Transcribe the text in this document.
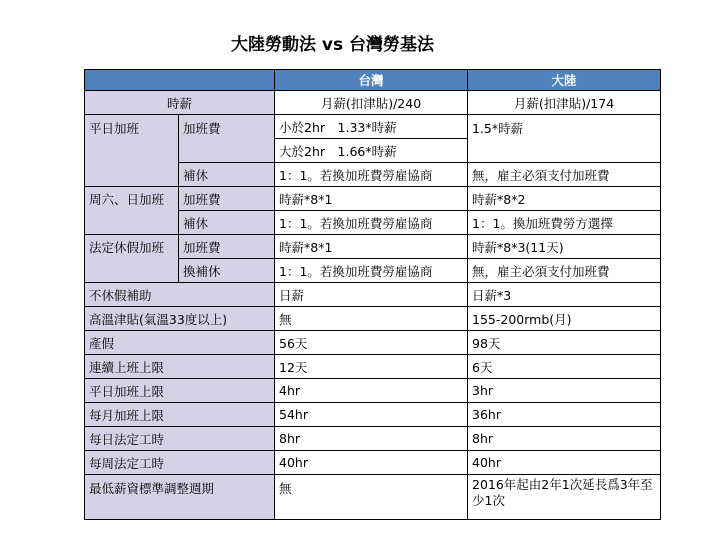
大陸勞動法 vs 台灣勞基法
		台灣	大陸
時薪		月薪(扣津貼)/240	月薪(扣津貼)/174
平日加班	加班費	小於2hr　1.33*時薪	1.5*時薪
		大於2hr　1.66*時薪	
	補休	1：1。若換加班費勞雇協商	無，雇主必須支付加班費
周六、日加班	加班費	時薪*8*1	時薪*8*2
	補休	1：1。若換加班費勞雇協商	1：1。換加班費勞方選擇
法定休假加班	加班費	時薪*8*1	時薪*8*3(11天)
	換補休	1：1。若換加班費勞雇協商	無，雇主必須支付加班費
不休假補助		日薪	日薪*3
高溫津貼(氣溫33度以上)		無	155-200rmb(月)
產假		56天	98天
連續上班上限		12天	6天
平日加班上限		4hr	3hr
每月加班上限		54hr	36hr
每日法定工時		8hr	8hr
每周法定工時		40hr	40hr
最低薪資標準調整週期		無	2016年起由2年1次延長爲3年至少1次
